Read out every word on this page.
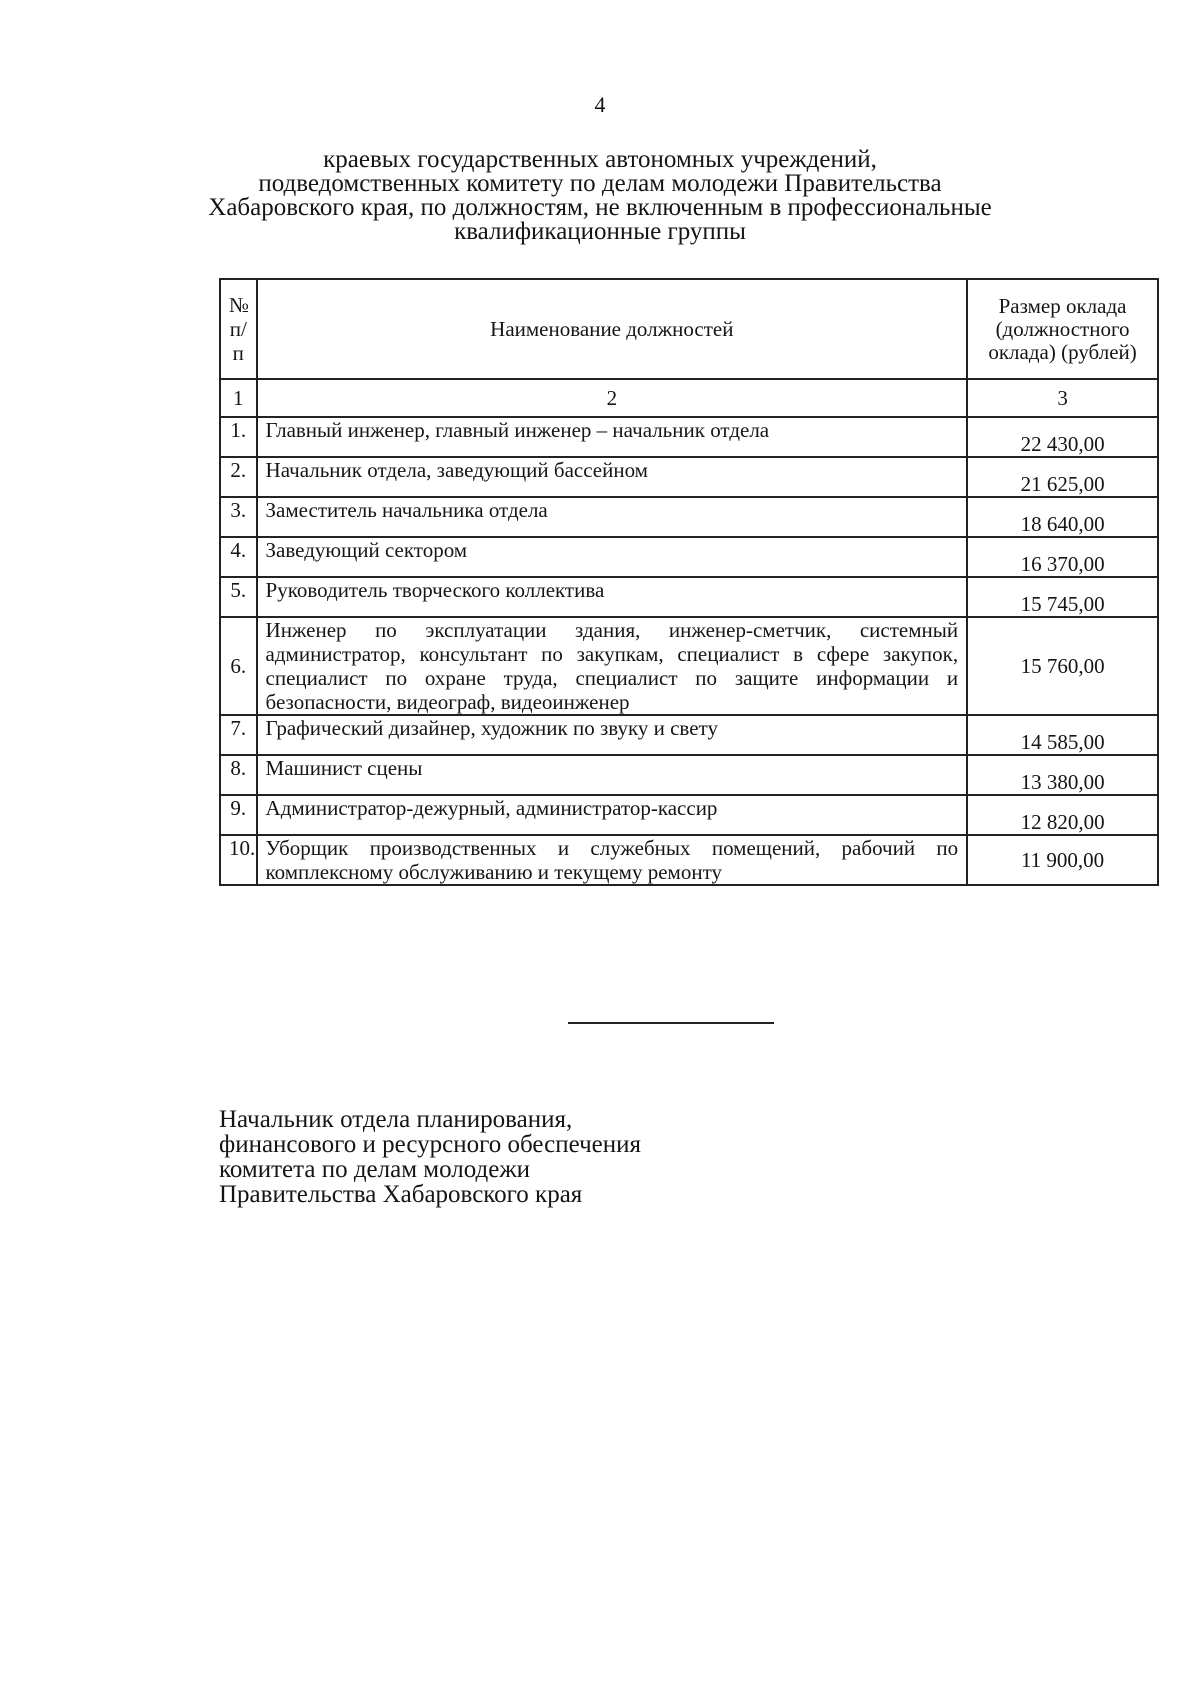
4
краевых государственных автономных учреждений,
подведомственных комитету по делам молодежи Правительства
Хабаровского края, по должностям, не включенным в профессиональные
квалификационные группы
№ п/п	Наименование должностей	Размер оклада (должностного оклада) (рублей)
1	2	3
1.	Главный инженер, главный инженер – начальник отдела	22 430,00
2.	Начальник отдела, заведующий бассейном	21 625,00
3.	Заместитель начальника отдела	18 640,00
4.	Заведующий сектором	16 370,00
5.	Руководитель творческого коллектива	15 745,00
6.	Инженер по эксплуатации здания, инженер-сметчик, системный администратор, консультант по закупкам, специалист в сфере закупок, специалист по охране труда, специалист по защите информации и безопасности, видеограф, видеоинженер	15 760,00
7.	Графический дизайнер, художник по звуку и свету	14 585,00
8.	Машинист сцены	13 380,00
9.	Администратор-дежурный, администратор-кассир	12 820,00
10.	Уборщик производственных и служебных помещений, рабочий по комплексному обслуживанию и текущему ремонту	11 900,00
Начальник отдела планирования,
финансового и ресурсного обеспечения
комитета по делам молодежи
Правительства Хабаровского края
